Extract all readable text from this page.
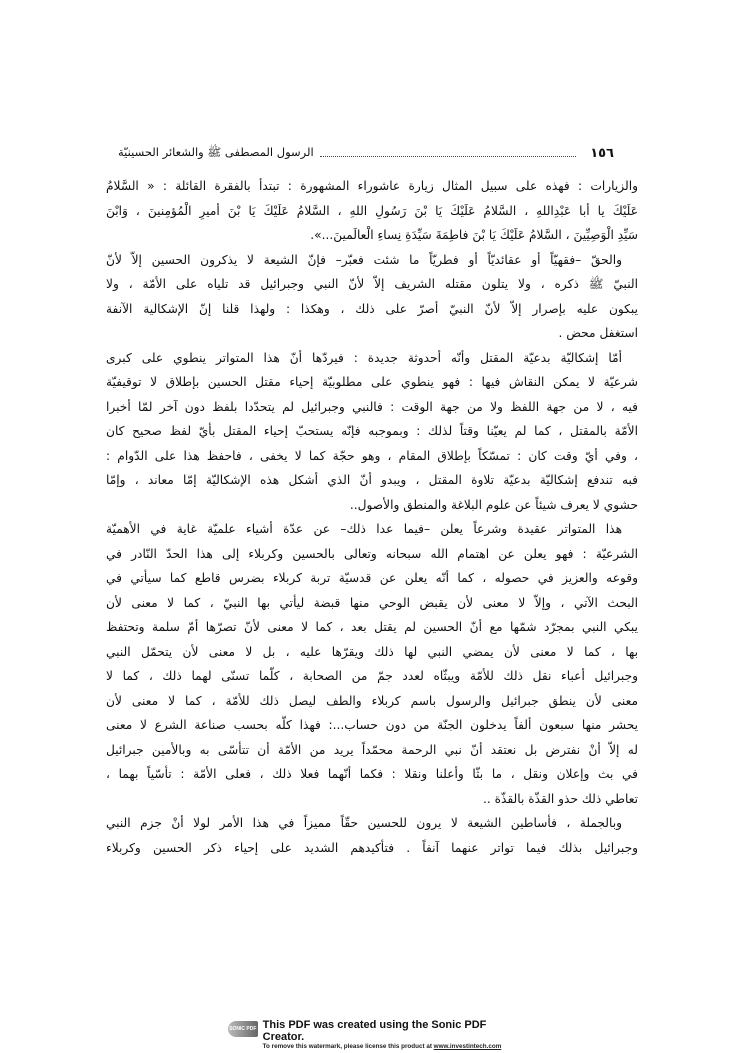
١٥٦
الرسول المصطفى ﷺ والشعائر الحسينيّة
والزيارات : فهذه على سبيل المثال زيارة عاشوراء المشهورة : تبتدأ بالفقرة القائلة : « السَّلامُ
عَلَيْكَ يا أبا عَبْدِاللهِ ، السَّلامُ عَلَيْكَ يَا بْنَ رَسُولِ اللهِ ، السَّلامُ عَلَيْكَ يَا بْنَ أميرِ الْمُؤمِنينَ ، وَابْنَ
سَيِّدِ الْوَصِيِّينَ ، السَّلامُ عَلَيْكَ يَا بْنَ فاطِمَةَ سَيِّدَةِ نِساءِ الْعالَمينَ...».
والحقّ –فقهيّاً أو عقائديّاً أو فطريّاً ما شئت فعبّر– فإنّ الشيعة لا يذكرون الحسين إلاّ لأنّ
النبيّ ﷺ ذكره ، ولا يتلون مقتله الشريف إلاّ لأنّ النبي وجبرائيل قد تلياه على الأمّة ، ولا
يبكون عليه بإصرار إلاّ لأنّ النبيّ أصرّ على ذلك ، وهكذا : ولهذا قلنا إنّ الإشكالية الآنفة
استغفل محض .
أمّا إشكاليّة بدعيّة المقتل وأنّه أحدوثة جديدة : فيردّها أنّ هذا المتواتر ينطوي على كبرى
شرعيّة لا يمكن النقاش فيها : فهو ينطوي على مطلوبيّة إحياء مقتل الحسين بإطلاق لا توقيفيّة
فيه ، لا من جهة اللفظ ولا من جهة الوقت : فالنبي وجبرائيل لم يتحدّدا بلفظ دون آخر لمّا أخبرا
الأمّة بالمقتل ، كما لم يعيّنا وقتاً لذلك : وبموجبه فإنّه يستحبّ إحياء المقتل بأيّ لفظ صحيح كان
، وفي أيّ وقت كان : تمسّكاً بإطلاق المقام ، وهو حجّة كما لا يخفى ، فاحفظ هذا على الدّوام :
فبه تندفع إشكاليّة بدعيّة تلاوة المقتل ، ويبدو أنّ الذي أشكل هذه الإشكاليّة إمّا معاند ، وإمّا
حشوي لا يعرف شيئاً عن علوم البلاغة والمنطق والأصول..
هذا المتواتر عقيدة وشرعاً يعلن –فيما عدا ذلك– عن عدّة أشياء علميّة غاية في الأهميّة
الشرعيّة : فهو يعلن عن اهتمام الله سبحانه وتعالى بالحسين وكربلاء إلى هذا الحدّ النّادر في
وقوعه والعزيز في حصوله ، كما أنّه يعلن عن قدسيّة تربة كربلاء بضرس قاطع كما سيأتي في
البحث الآتي ، وإلاّ لا معنى لأن يقبض الوحي منها قبضة ليأتي بها النبيّ ، كما لا معنى لأن
يبكي النبي بمجرّد شمّها مع أنّ الحسين لم يقتل بعد ، كما لا معنى لأنّ تصرّها أمّ سلمة وتحتفظ
بها ، كما لا معنى لأن يمضي النبي لها ذلك ويقرّها عليه ، بل لا معنى لأن يتحمّل النبي
وجبرائيل أعباء نقل ذلك للأمّة ويبثّاه لعدد جمّ من الصحابة ، كلّما تسنّى لهما ذلك ، كما لا
معنى لأن ينطق جبرائيل والرسول باسم كربلاء والطف ليصل ذلك للأمّة ، كما لا معنى لأن
يحشر منها سبعون ألفاً يدخلون الجنّة من دون حساب...: فهذا كلّه بحسب صناعة الشرع لا معنى
له إلاّ أنْ نفترض بل نعتقد أنّ نبي الرحمة محمّداً يريد من الأمّة أن تتأسّى به وبالأمين جبرائيل
في بث وإعلان ونقل ، ما بثّا وأعلنا ونقلا : فكما أنّهما فعلا ذلك ، فعلى الأمّة : تأسّياً بهما ،
تعاطي ذلك حذو القذّة بالقذّة ..
وبالجملة ، فأساطين الشيعة لا يرون للحسين حقّاً مميزاً في هذا الأمر لولا أنْ جزم النبي
وجبرائيل بذلك فيما تواتر عنهما آنفاً . فتأكيدهم الشديد على إحياء ذكر الحسين وكربلاء
SONIC PDF This PDF was created using the Sonic PDF Creator.
To remove this watermark, please license this product at www.investintech.com
